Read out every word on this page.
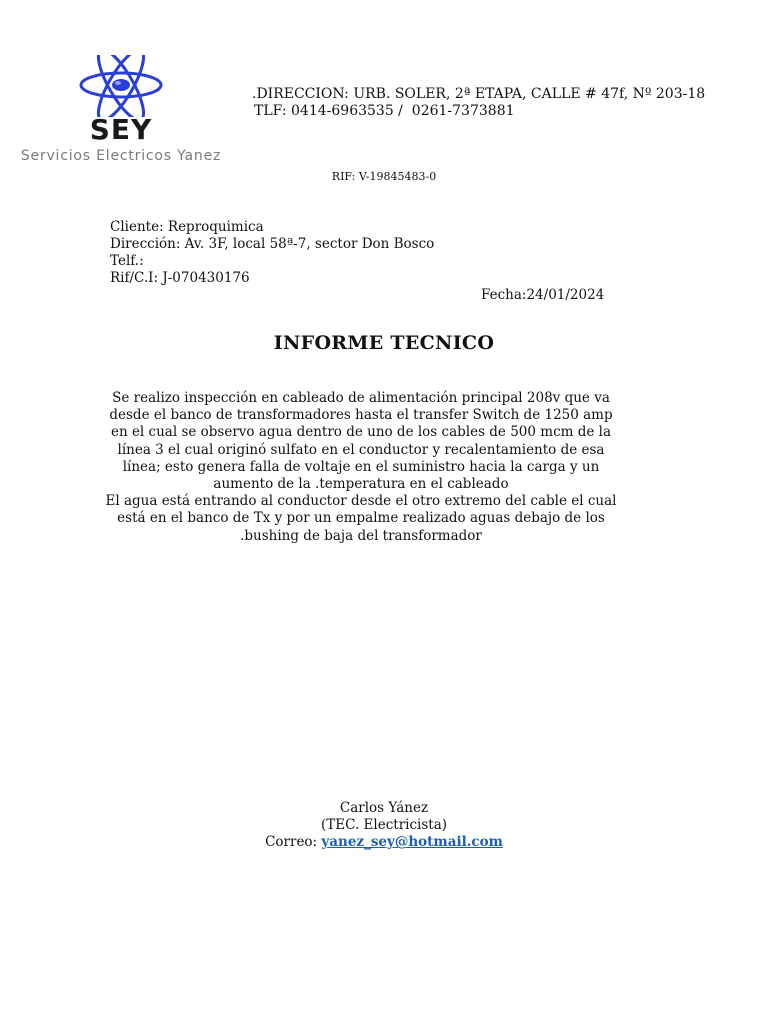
SEY
Servicios Electricos Yanez
.DIRECCION: URB. SOLER, 2ª ETAPA, CALLE # 47f, Nº 203-18
TLF: 0414-6963535 /  0261-7373881
RIF: V-19845483-0
Cliente: Reproquimica
Dirección: Av. 3F, local 58ª-7, sector Don Bosco
Telf.:
Rif/C.I: J-070430176
Fecha:24/01/2024
INFORME TECNICO

Se realizo inspección en cableado de alimentación principal 208v que va desde el banco de transformadores hasta el transfer Switch de 1250 amp en el cual se observo agua dentro de uno de los cables de 500 mcm de la línea 3 el cual originó sulfato en el conductor y recalentamiento de esa línea; esto genera falla de voltaje en el suministro hacia la carga y un aumento de la .temperatura en el cableado

El agua está entrando al conductor desde el otro extremo del cable el cual está en el banco de Tx y por un empalme realizado aguas debajo de los .bushing de baja del transformador

Carlos Yánez
(TEC. Electricista)
Correo: yanez_sey@hotmail.com
